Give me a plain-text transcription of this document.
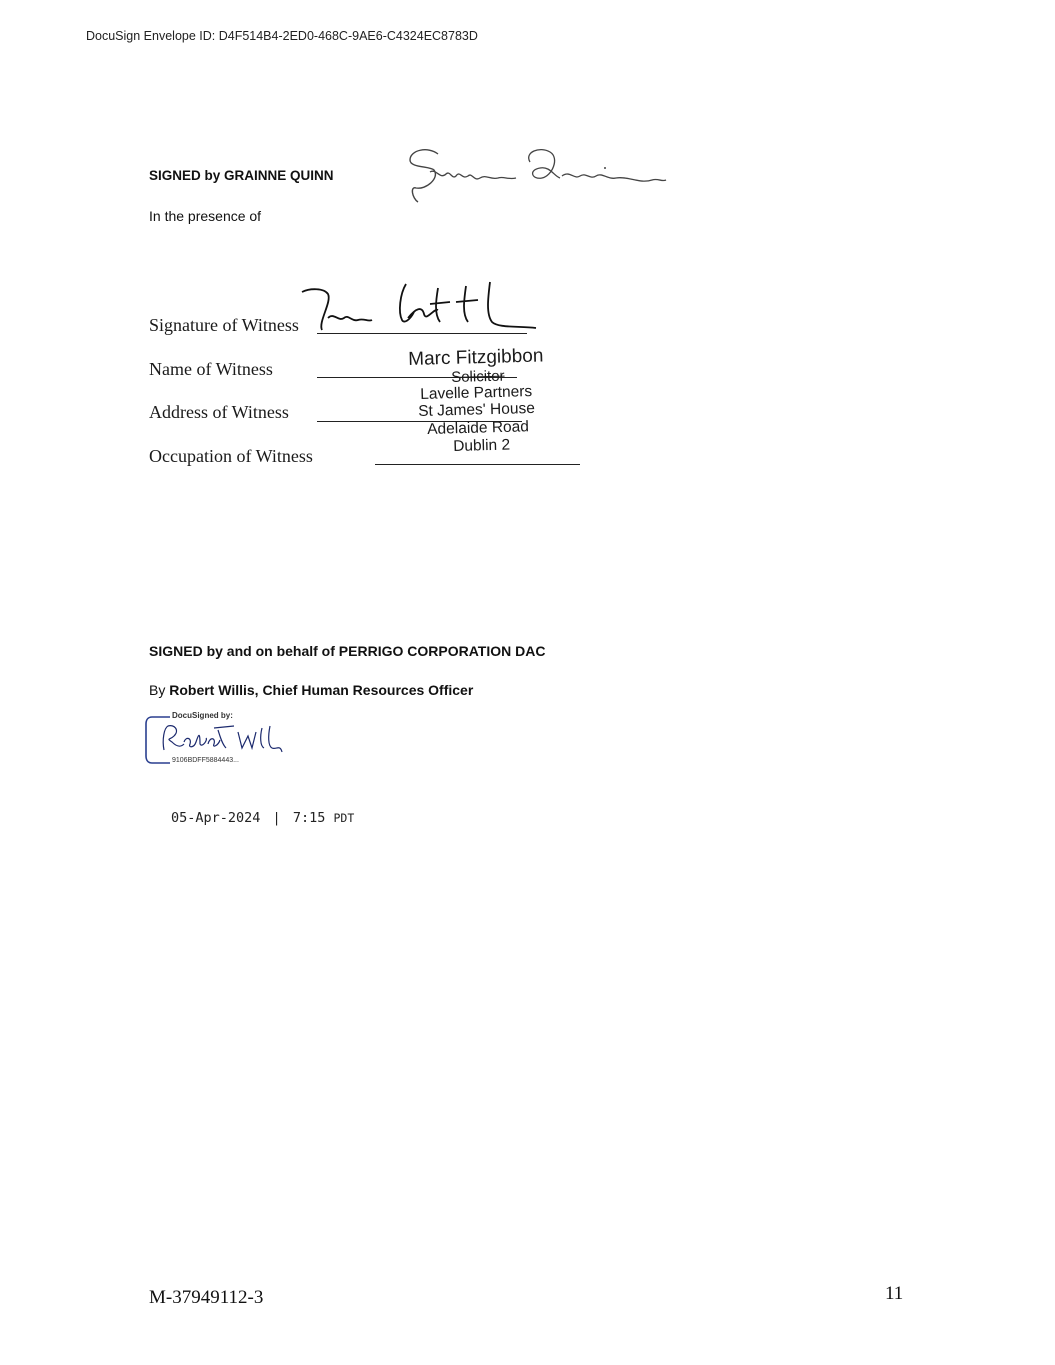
DocuSign Envelope ID: D4F514B4-2ED0-468C-9AE6-C4324EC8783D
SIGNED by GRAINNE QUINN
In the presence of
Signature of Witness
Name of Witness
Address of Witness
Occupation of Witness
Marc Fitzgibbon
Solicitor
Lavelle Partners
St James' House
Adelaide Road
Dublin 2
SIGNED by and on behalf of PERRIGO CORPORATION DAC
By Robert Willis, Chief Human Resources Officer
DocuSigned by:
9106BDFF5884443...
05-Apr-2024 | 7:15 PDT
M-37949112-3	11
